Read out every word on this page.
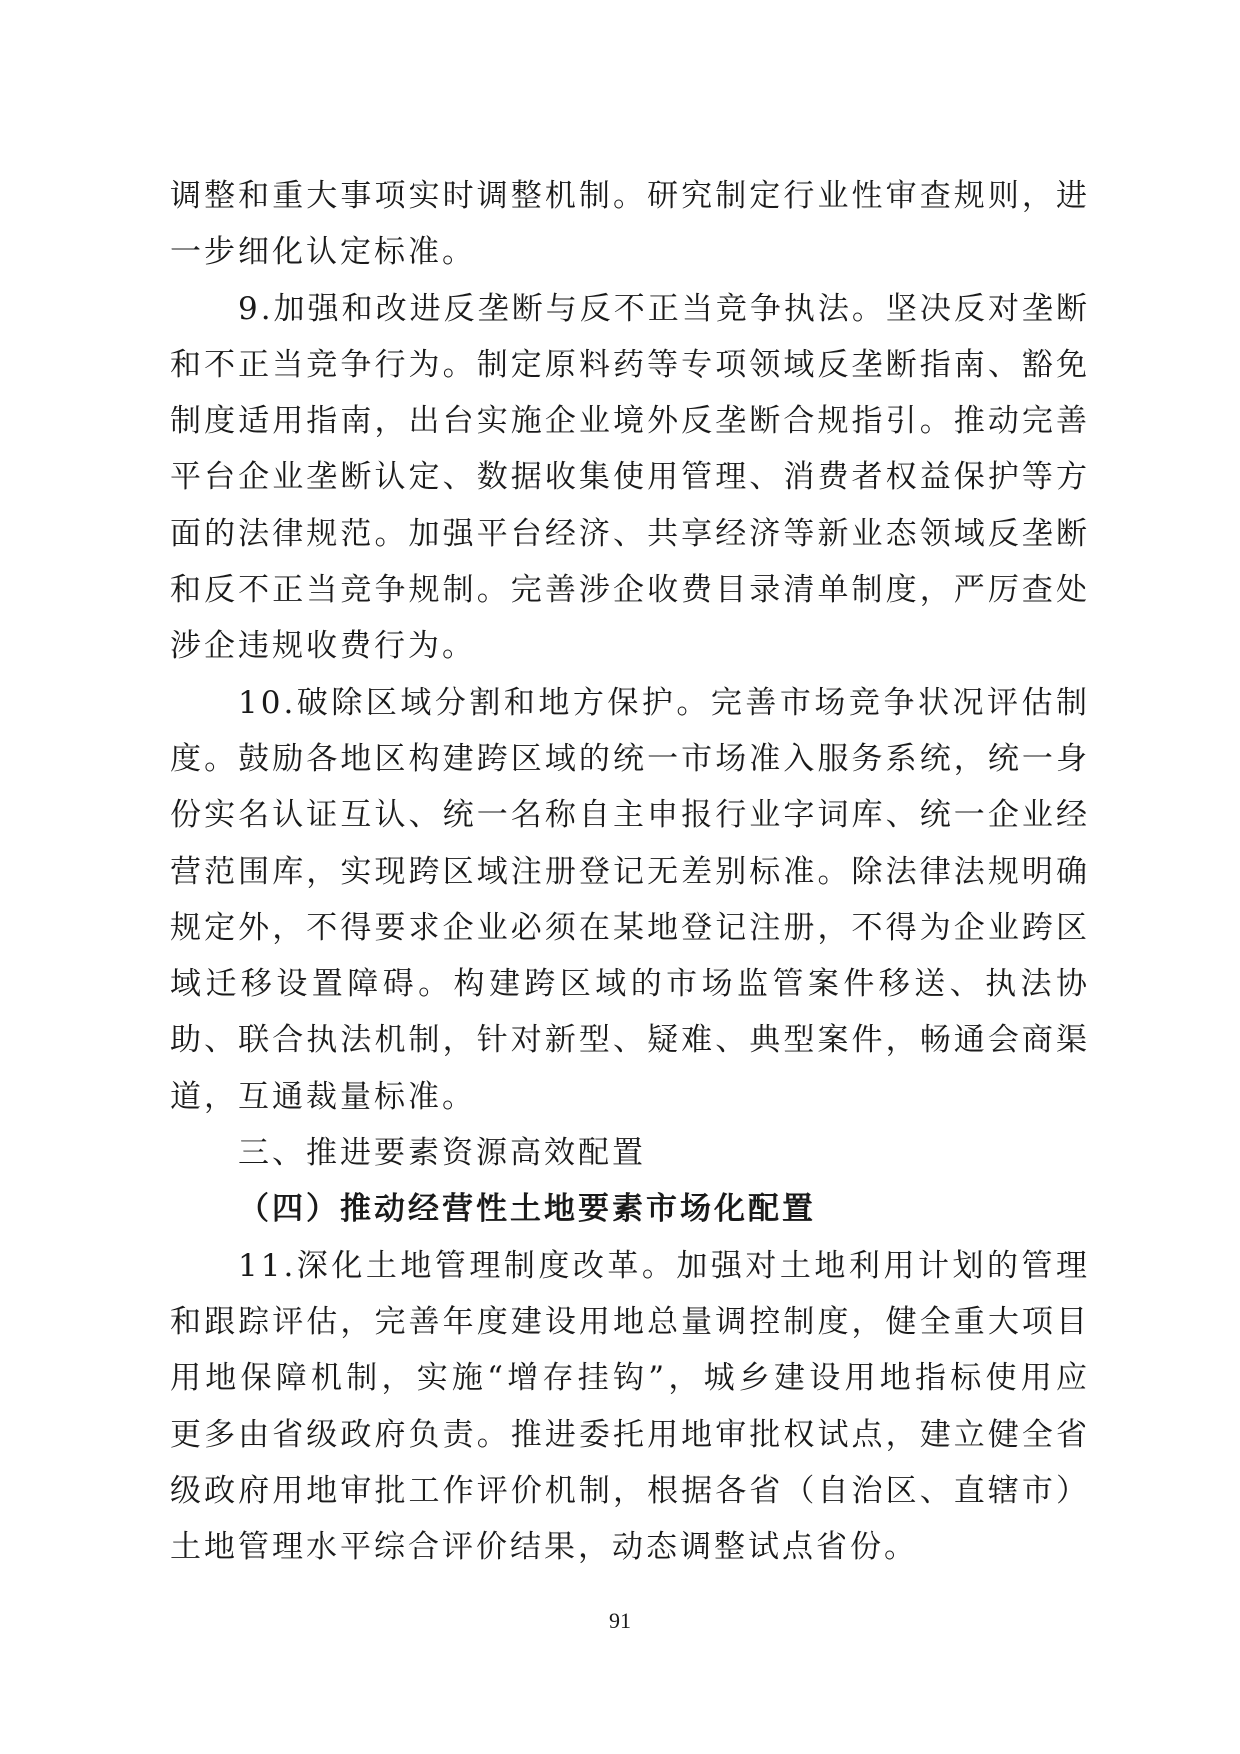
调整和重大事项实时调整机制。研究制定行业性审查规则，进一步细化认定标准。

9.加强和改进反垄断与反不正当竞争执法。坚决反对垄断和不正当竞争行为。制定原料药等专项领域反垄断指南、豁免制度适用指南，出台实施企业境外反垄断合规指引。推动完善平台企业垄断认定、数据收集使用管理、消费者权益保护等方面的法律规范。加强平台经济、共享经济等新业态领域反垄断和反不正当竞争规制。完善涉企收费目录清单制度，严厉查处涉企违规收费行为。

10.破除区域分割和地方保护。完善市场竞争状况评估制度。鼓励各地区构建跨区域的统一市场准入服务系统，统一身份实名认证互认、统一名称自主申报行业字词库、统一企业经营范围库，实现跨区域注册登记无差别标准。除法律法规明确规定外，不得要求企业必须在某地登记注册，不得为企业跨区域迁移设置障碍。构建跨区域的市场监管案件移送、执法协助、联合执法机制，针对新型、疑难、典型案件，畅通会商渠道，互通裁量标准。

三、推进要素资源高效配置

（四）推动经营性土地要素市场化配置

11.深化土地管理制度改革。加强对土地利用计划的管理和跟踪评估，完善年度建设用地总量调控制度，健全重大项目用地保障机制，实施“增存挂钩”，城乡建设用地指标使用应更多由省级政府负责。推进委托用地审批权试点，建立健全省级政府用地审批工作评价机制，根据各省（自治区、直辖市）土地管理水平综合评价结果，动态调整试点省份。

91
